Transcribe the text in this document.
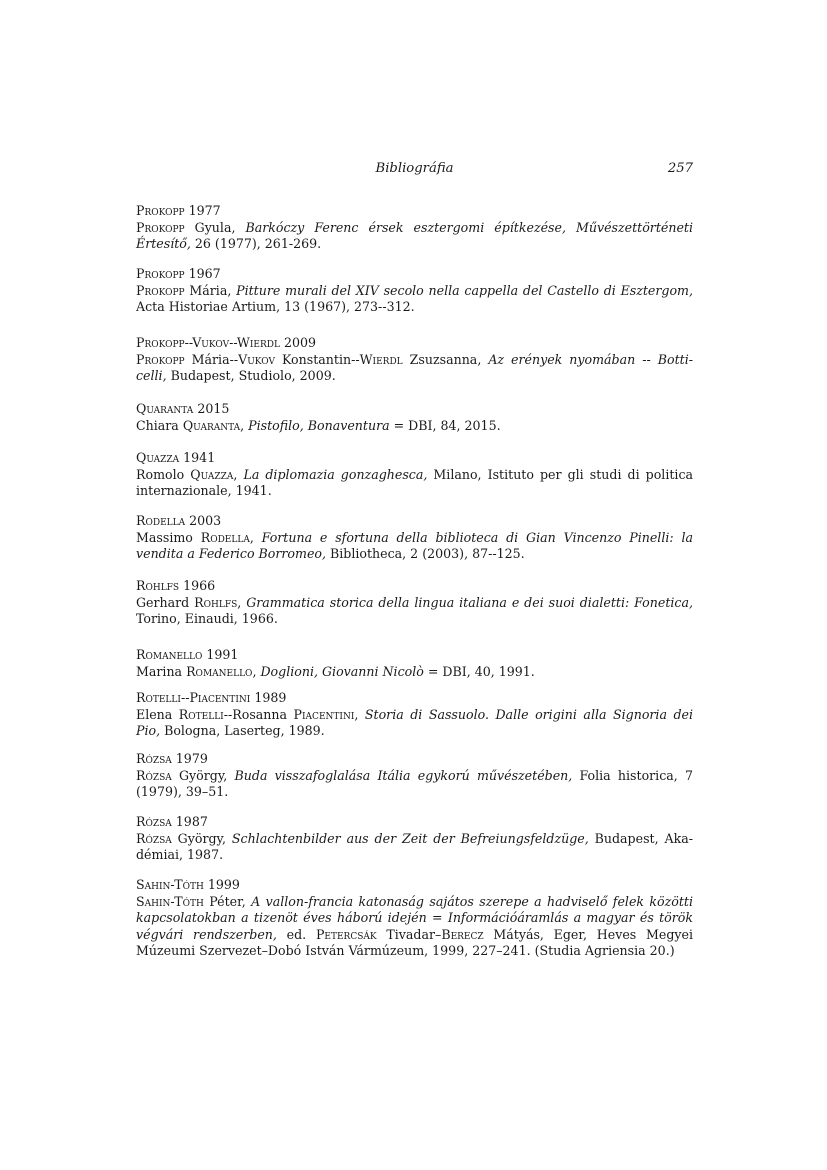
Bibliográfia	257
Prokopp 1977
Prokopp Gyula, Barkóczy Ferenc érsek esztergomi építkezése, Művészettörténeti Értesítő, 26 (1977), 261-269.
Prokopp 1967
Prokopp Mária, Pitture murali del XIV secolo nella cappella del Castello di Esztergom, Acta Historiae Artium, 13 (1967), 273--312.
Prokopp--Vukov--Wierdl 2009
Prokopp Mária--Vukov Konstantin--Wierdl Zsuzsanna, Az erények nyomában -- Botti-celli, Budapest, Studiolo, 2009.
Quaranta 2015
Chiara Quaranta, Pistofilo, Bonaventura = DBI, 84, 2015.
Quazza 1941
Romolo Quazza, La diplomazia gonzaghesca, Milano, Istituto per gli studi di politica internazionale, 1941.
Rodella 2003
Massimo Rodella, Fortuna e sfortuna della biblioteca di Gian Vincenzo Pinelli: la vendita a Federico Borromeo, Bibliotheca, 2 (2003), 87--125.
Rohlfs 1966
Gerhard Rohlfs, Grammatica storica della lingua italiana e dei suoi dialetti: Fonetica, Torino, Einaudi, 1966.
Romanello 1991
Marina Romanello, Doglioni, Giovanni Nicolò = DBI, 40, 1991.
Rotelli--Piacentini 1989
Elena Rotelli--Rosanna Piacentini, Storia di Sassuolo. Dalle origini alla Signoria dei Pio, Bologna, Laserteg, 1989.
Rózsa 1979
Rózsa György, Buda visszafoglalása Itália egykorú művészetében, Folia historica, 7 (1979), 39–51.
Rózsa 1987
Rózsa György, Schlachtenbilder aus der Zeit der Befreiungsfeldzüge, Budapest, Aka-démiai, 1987.
Sahin-Tóth 1999
Sahin-Tóth Péter, A vallon-francia katonaság sajátos szerepe a hadviselő felek közötti kapcsolatokban a tizenöt éves háború idején = Információáramlás a magyar és török végvári rendszerben, ed. Petercsák Tivadar–Berecz Mátyás, Eger, Heves Megyei Múzeumi Szervezet–Dobó István Vármúzeum, 1999, 227–241. (Studia Agriensia 20.)
